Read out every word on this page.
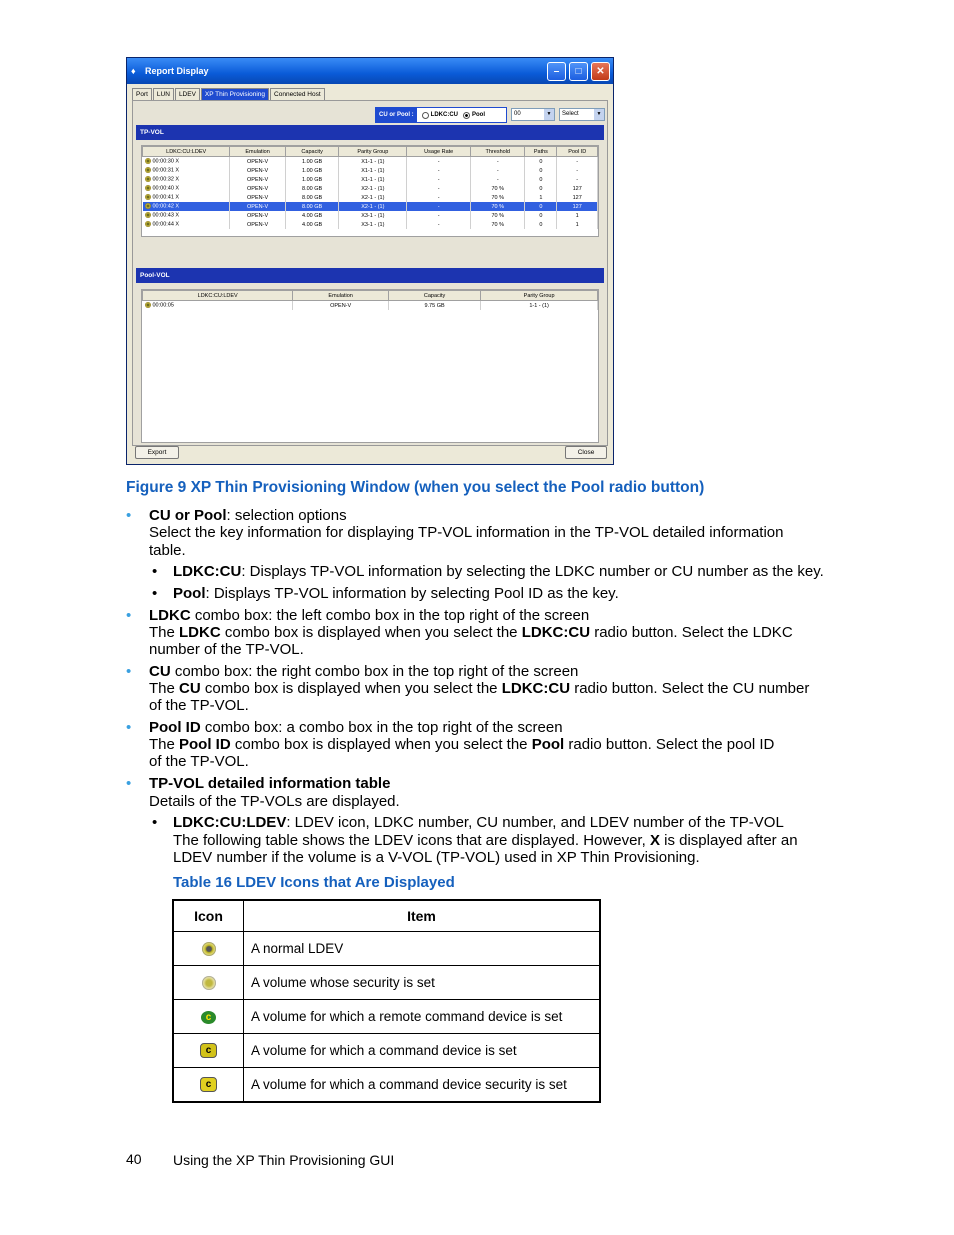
♦	Report Display	–	□	✕
Port	LUN	LDEV	XP Thin Provisioning	Connected Host
CU or Pool :	LDKC:CU Pool	00	▼	Select	▼
TP-VOL
LDKC:CU:LDEV	Emulation	Capacity	Parity Group	Usage Rate	Threshold	Paths	Pool ID
00:00:30 X	OPEN-V	1.00 GB	X1-1 - (1)	-	-	0	-
00:00:31 X	OPEN-V	1.00 GB	X1-1 - (1)	-	-	0	-
00:00:32 X	OPEN-V	1.00 GB	X1-1 - (1)	-	-	0	-
00:00:40 X	OPEN-V	8.00 GB	X2-1 - (1)	-	70 %	0	127
00:00:41 X	OPEN-V	8.00 GB	X2-1 - (1)	-	70 %	1	127
00:00:42 X	OPEN-V	8.00 GB	X2-1 - (1)	-	70 %	0	127
00:00:43 X	OPEN-V	4.00 GB	X3-1 - (1)	-	70 %	0	1
00:00:44 X	OPEN-V	4.00 GB	X3-1 - (1)	-	70 %	0	1
Pool-VOL
LDKC:CU:LDEV	Emulation	Capacity	Parity Group
00:00:05	OPEN-V	9.75 GB	1-1 - (1)
Export	Close
Figure 9 XP Thin Provisioning Window (when you select the Pool radio button)
• CU or Pool: selection options
Select the key information for displaying TP-VOL information in the TP-VOL detailed information
table.
• LDKC:CU: Displays TP-VOL information by selecting the LDKC number or CU number as the key.
• Pool: Displays TP-VOL information by selecting Pool ID as the key.
• LDKC combo box: the left combo box in the top right of the screen
The LDKC combo box is displayed when you select the LDKC:CU radio button. Select the LDKC
number of the TP-VOL.
• CU combo box: the right combo box in the top right of the screen
The CU combo box is displayed when you select the LDKC:CU radio button. Select the CU number
of the TP-VOL.
• Pool ID combo box: a combo box in the top right of the screen
The Pool ID combo box is displayed when you select the Pool radio button. Select the pool ID
of the TP-VOL.
• TP-VOL detailed information table
Details of the TP-VOLs are displayed.
• LDKC:CU:LDEV: LDEV icon, LDKC number, CU number, and LDEV number of the TP-VOL
The following table shows the LDEV icons that are displayed. However, X is displayed after an
LDEV number if the volume is a V-VOL (TP-VOL) used in XP Thin Provisioning.
Table 16 LDEV Icons that Are Displayed
Icon	Item
	A normal LDEV
	A volume whose security is set
c	A volume for which a remote command device is set
c	A volume for which a command device is set
c	A volume for which a command device security is set
40 Using the XP Thin Provisioning GUI
